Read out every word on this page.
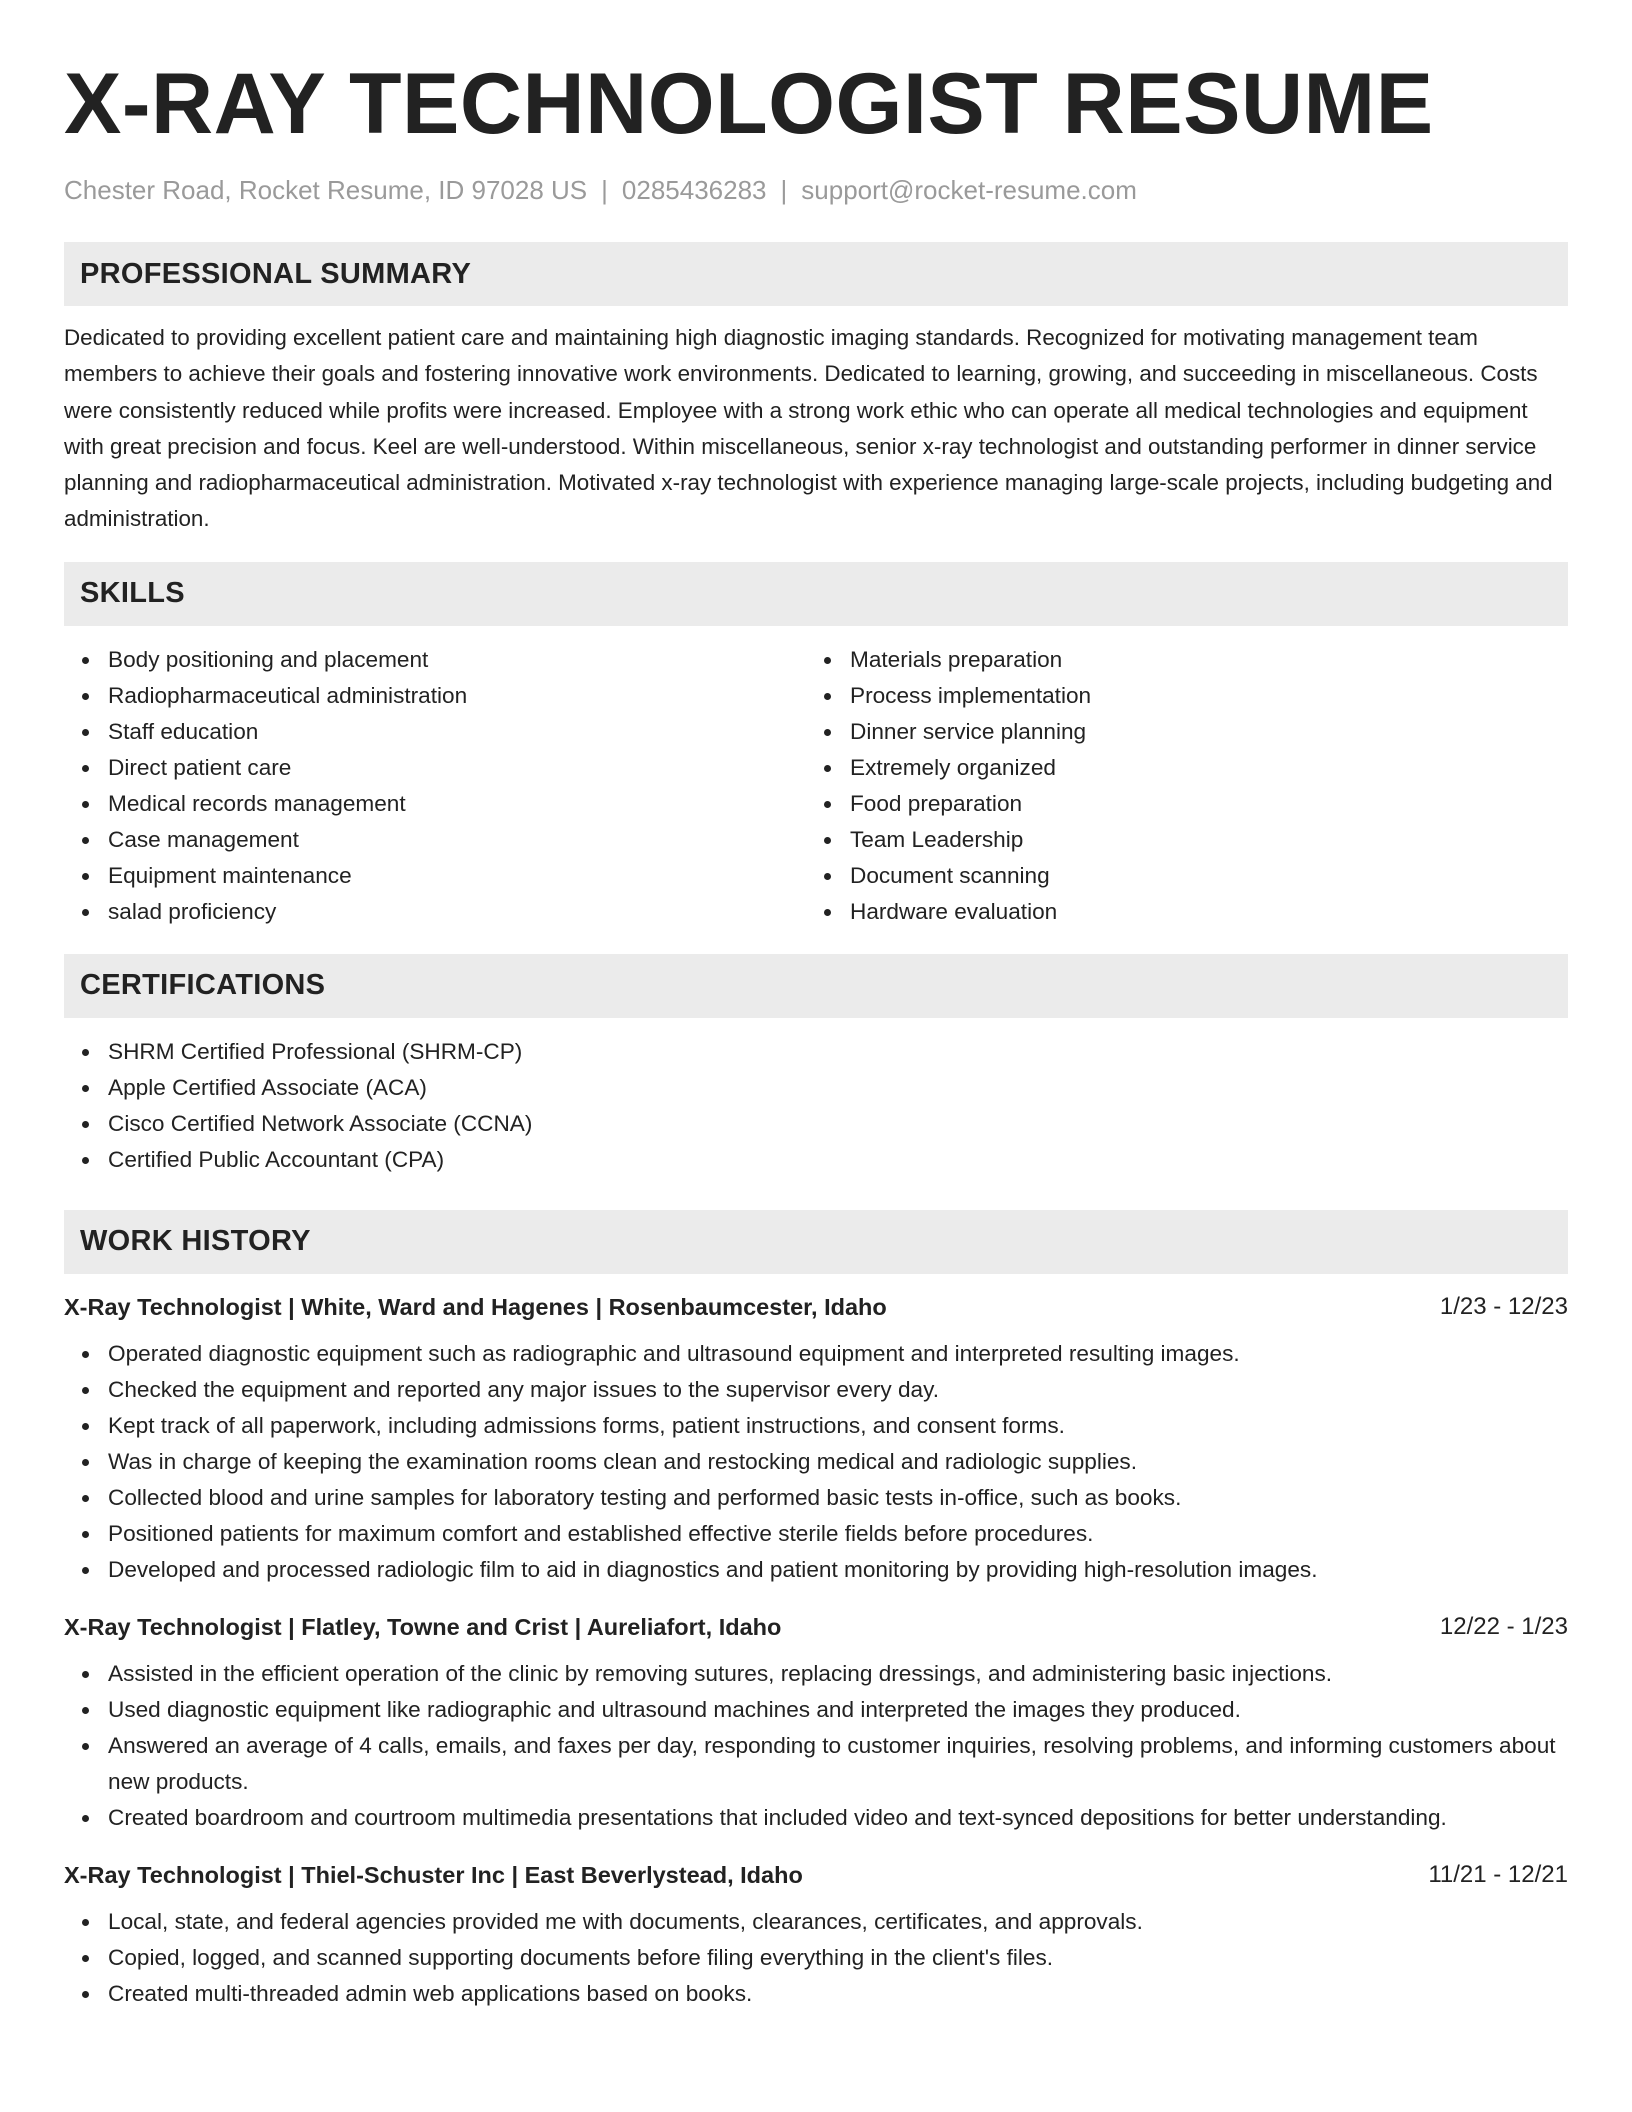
X-RAY TECHNOLOGIST RESUME
Chester Road, Rocket Resume, ID 97028 US | 0285436283 | support@rocket-resume.com
PROFESSIONAL SUMMARY
Dedicated to providing excellent patient care and maintaining high diagnostic imaging standards. Recognized for motivating management team members to achieve their goals and fostering innovative work environments. Dedicated to learning, growing, and succeeding in miscellaneous. Costs were consistently reduced while profits were increased. Employee with a strong work ethic who can operate all medical technologies and equipment with great precision and focus. Keel are well-understood. Within miscellaneous, senior x-ray technologist and outstanding performer in dinner service planning and radiopharmaceutical administration. Motivated x-ray technologist with experience managing large-scale projects, including budgeting and administration.
SKILLS
Body positioning and placement
Radiopharmaceutical administration
Staff education
Direct patient care
Medical records management
Case management
Equipment maintenance
salad proficiency
Materials preparation
Process implementation
Dinner service planning
Extremely organized
Food preparation
Team Leadership
Document scanning
Hardware evaluation
CERTIFICATIONS
SHRM Certified Professional (SHRM-CP)
Apple Certified Associate (ACA)
Cisco Certified Network Associate (CCNA)
Certified Public Accountant (CPA)
WORK HISTORY
X-Ray Technologist | White, Ward and Hagenes | Rosenbaumcester, Idaho	1/23 - 12/23
Operated diagnostic equipment such as radiographic and ultrasound equipment and interpreted resulting images.
Checked the equipment and reported any major issues to the supervisor every day.
Kept track of all paperwork, including admissions forms, patient instructions, and consent forms.
Was in charge of keeping the examination rooms clean and restocking medical and radiologic supplies.
Collected blood and urine samples for laboratory testing and performed basic tests in-office, such as books.
Positioned patients for maximum comfort and established effective sterile fields before procedures.
Developed and processed radiologic film to aid in diagnostics and patient monitoring by providing high-resolution images.
X-Ray Technologist | Flatley, Towne and Crist | Aureliafort, Idaho	12/22 - 1/23
Assisted in the efficient operation of the clinic by removing sutures, replacing dressings, and administering basic injections.
Used diagnostic equipment like radiographic and ultrasound machines and interpreted the images they produced.
Answered an average of 4 calls, emails, and faxes per day, responding to customer inquiries, resolving problems, and informing customers about new products.
Created boardroom and courtroom multimedia presentations that included video and text-synced depositions for better understanding.
X-Ray Technologist | Thiel-Schuster Inc | East Beverlystead, Idaho	11/21 - 12/21
Local, state, and federal agencies provided me with documents, clearances, certificates, and approvals.
Copied, logged, and scanned supporting documents before filing everything in the client's files.
Created multi-threaded admin web applications based on books.
